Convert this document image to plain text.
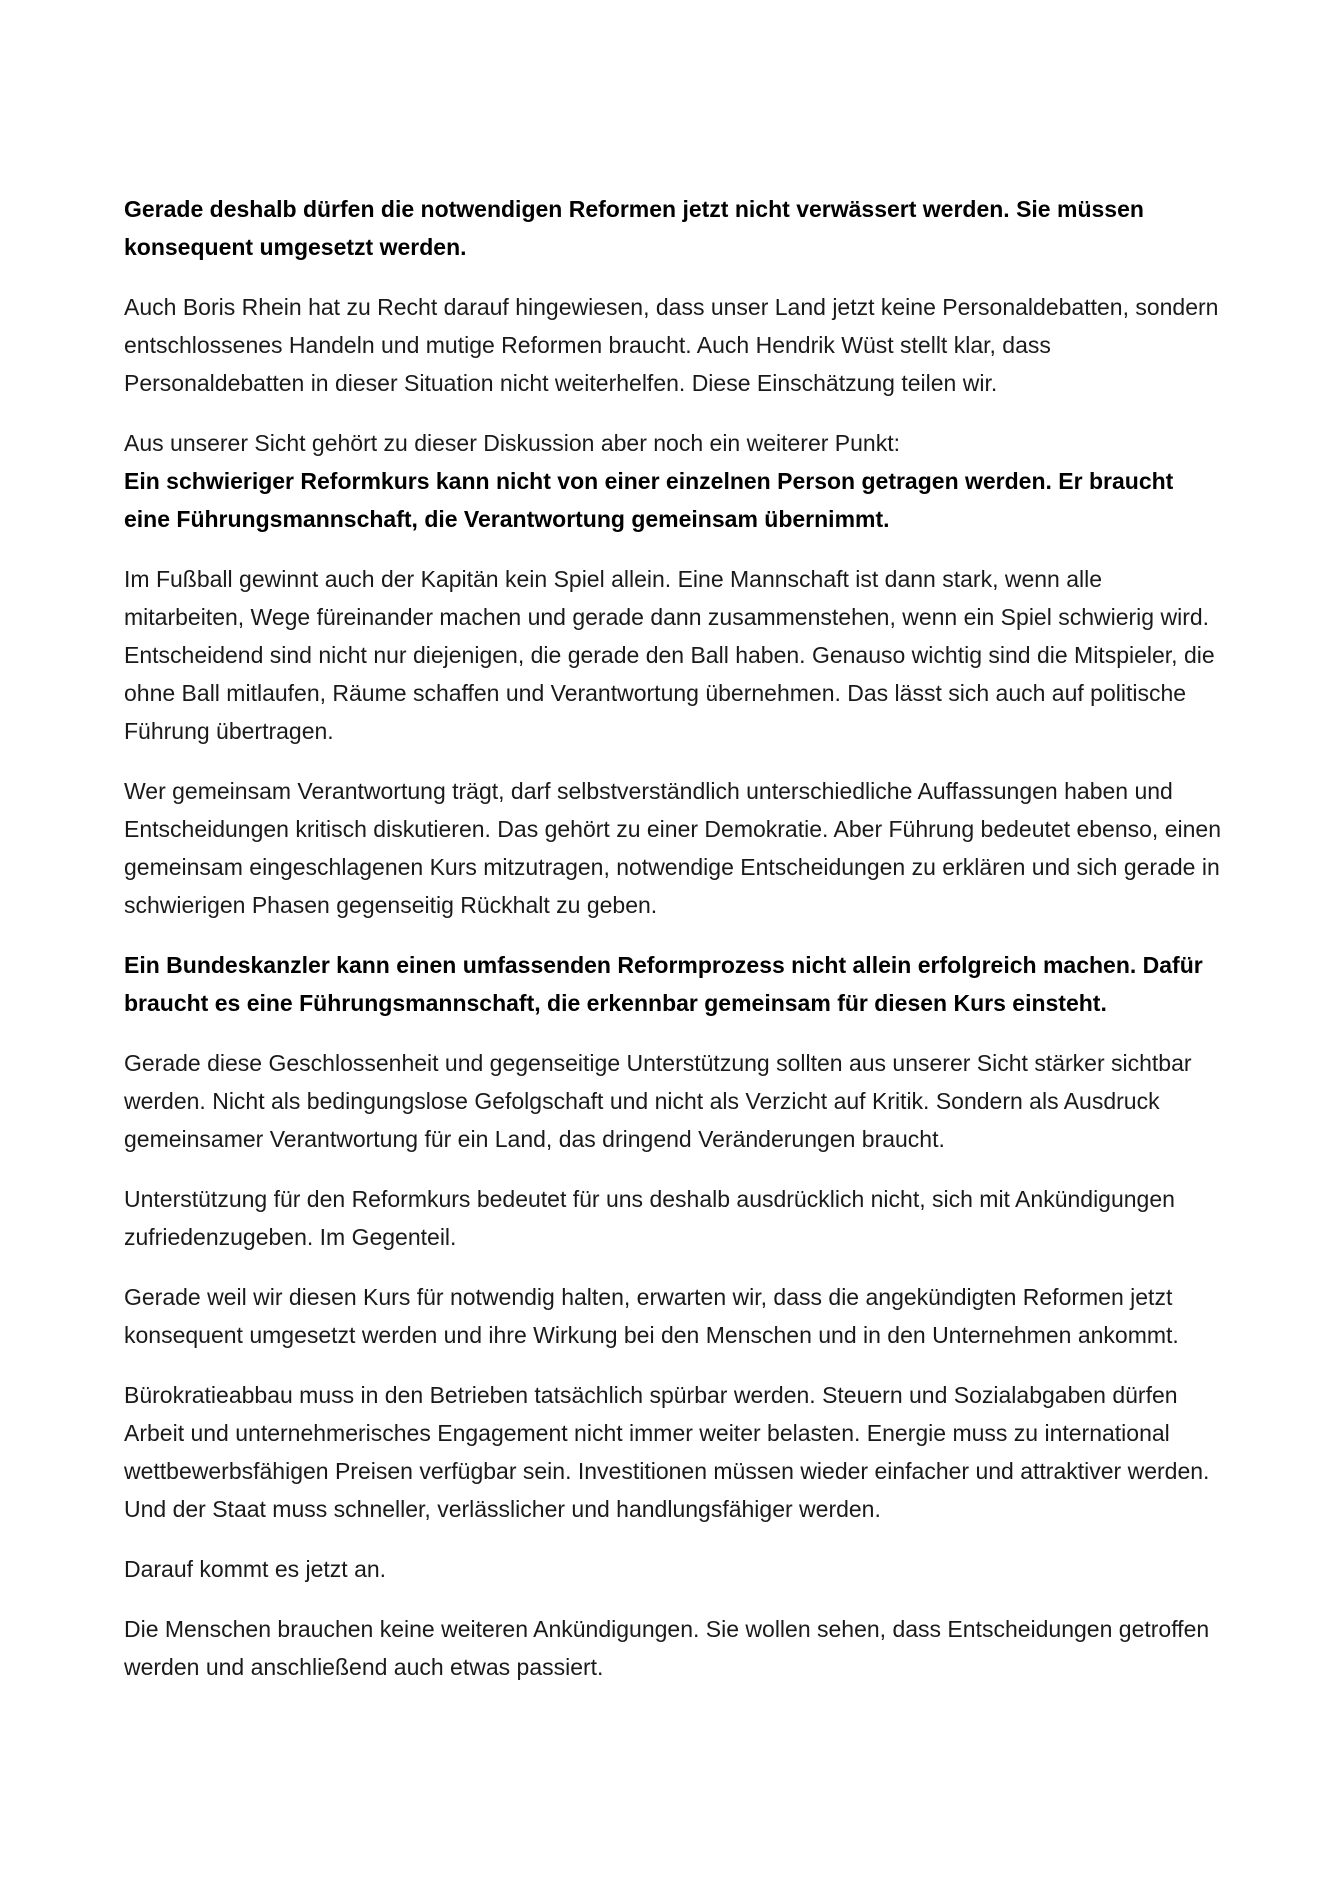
Gerade deshalb dürfen die notwendigen Reformen jetzt nicht verwässert werden. Sie müssen konsequent umgesetzt werden.

Auch Boris Rhein hat zu Recht darauf hingewiesen, dass unser Land jetzt keine Personaldebatten, sondern entschlossenes Handeln und mutige Reformen braucht. Auch Hendrik Wüst stellt klar, dass Personaldebatten in dieser Situation nicht weiterhelfen. Diese Einschätzung teilen wir.

Aus unserer Sicht gehört zu dieser Diskussion aber noch ein weiterer Punkt:
Ein schwieriger Reformkurs kann nicht von einer einzelnen Person getragen werden. Er braucht eine Führungsmannschaft, die Verantwortung gemeinsam übernimmt.

Im Fußball gewinnt auch der Kapitän kein Spiel allein. Eine Mannschaft ist dann stark, wenn alle mitarbeiten, Wege füreinander machen und gerade dann zusammenstehen, wenn ein Spiel schwierig wird. Entscheidend sind nicht nur diejenigen, die gerade den Ball haben. Genauso wichtig sind die Mitspieler, die ohne Ball mitlaufen, Räume schaffen und Verantwortung übernehmen. Das lässt sich auch auf politische Führung übertragen.

Wer gemeinsam Verantwortung trägt, darf selbstverständlich unterschiedliche Auffassungen haben und Entscheidungen kritisch diskutieren. Das gehört zu einer Demokratie. Aber Führung bedeutet ebenso, einen gemeinsam eingeschlagenen Kurs mitzutragen, notwendige Entscheidungen zu erklären und sich gerade in schwierigen Phasen gegenseitig Rückhalt zu geben.

Ein Bundeskanzler kann einen umfassenden Reformprozess nicht allein erfolgreich machen. Dafür braucht es eine Führungsmannschaft, die erkennbar gemeinsam für diesen Kurs einsteht.

Gerade diese Geschlossenheit und gegenseitige Unterstützung sollten aus unserer Sicht stärker sichtbar werden. Nicht als bedingungslose Gefolgschaft und nicht als Verzicht auf Kritik. Sondern als Ausdruck gemeinsamer Verantwortung für ein Land, das dringend Veränderungen braucht.

Unterstützung für den Reformkurs bedeutet für uns deshalb ausdrücklich nicht, sich mit Ankündigungen zufriedenzugeben. Im Gegenteil.

Gerade weil wir diesen Kurs für notwendig halten, erwarten wir, dass die angekündigten Reformen jetzt konsequent umgesetzt werden und ihre Wirkung bei den Menschen und in den Unternehmen ankommt.

Bürokratieabbau muss in den Betrieben tatsächlich spürbar werden. Steuern und Sozialabgaben dürfen Arbeit und unternehmerisches Engagement nicht immer weiter belasten. Energie muss zu international wettbewerbsfähigen Preisen verfügbar sein. Investitionen müssen wieder einfacher und attraktiver werden. Und der Staat muss schneller, verlässlicher und handlungsfähiger werden.

Darauf kommt es jetzt an.

Die Menschen brauchen keine weiteren Ankündigungen. Sie wollen sehen, dass Entscheidungen getroffen werden und anschließend auch etwas passiert.
